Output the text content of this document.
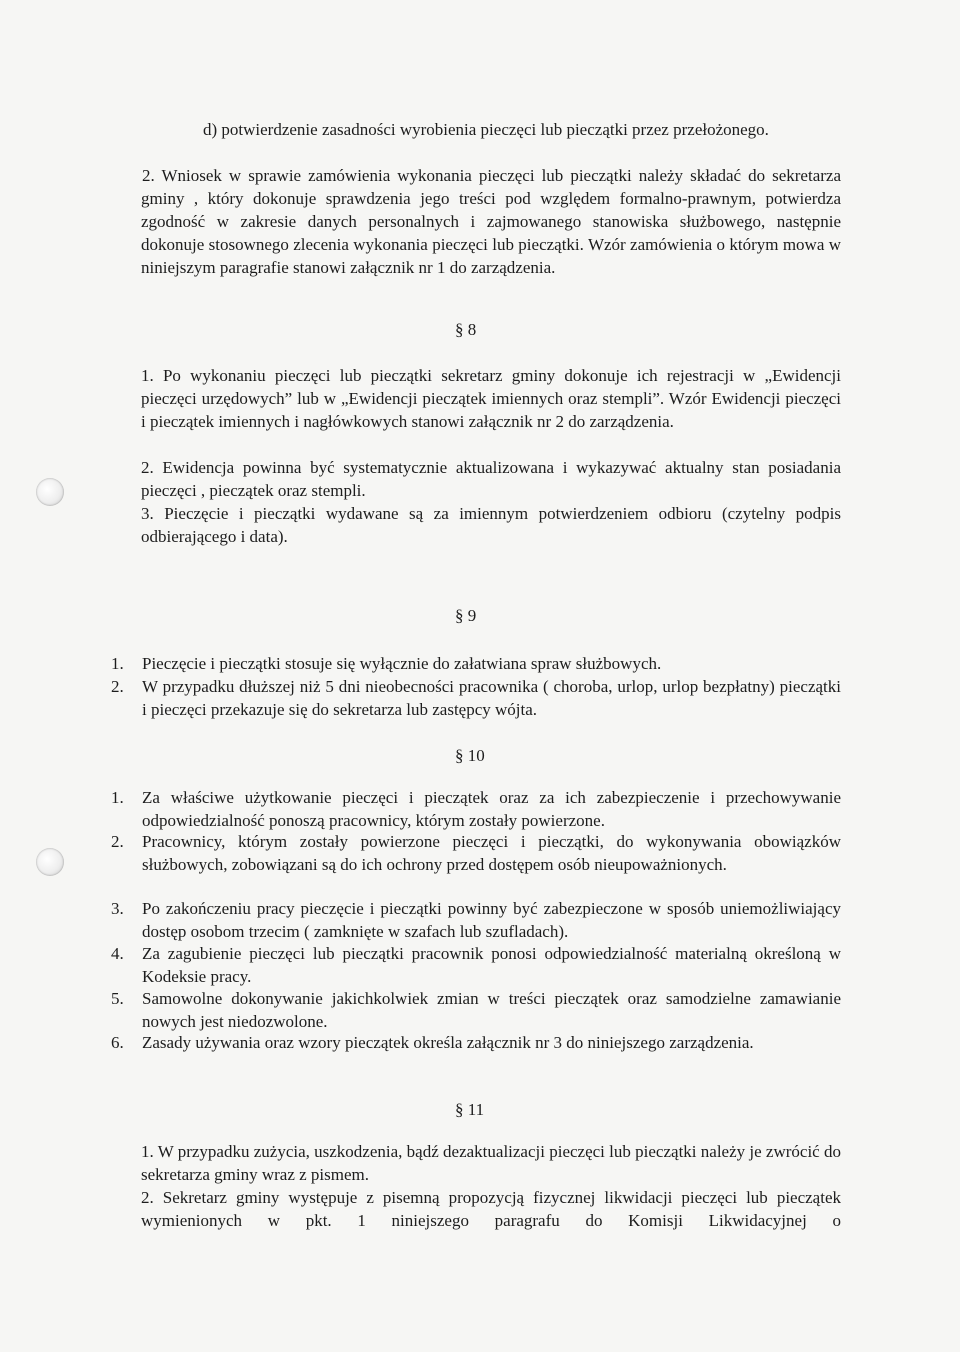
d) potwierdzenie zasadności wyrobienia pieczęci lub pieczątki przez przełożonego.

2. Wniosek w sprawie zamówienia wykonania pieczęci lub pieczątki należy składać do sekretarza gminy , który dokonuje sprawdzenia jego treści pod względem formalno-prawnym, potwierdza zgodność w zakresie danych personalnych i zajmowanego stanowiska służbowego, następnie dokonuje stosownego zlecenia wykonania pieczęci lub pieczątki. Wzór zamówienia o którym mowa w niniejszym paragrafie stanowi załącznik nr 1 do zarządzenia.

§ 8

1. Po wykonaniu pieczęci lub pieczątki sekretarz gminy dokonuje ich rejestracji w „Ewidencji pieczęci urzędowych” lub w „Ewidencji pieczątek imiennych oraz stempli”. Wzór Ewidencji pieczęci i pieczątek imiennych i nagłówkowych stanowi załącznik nr 2 do zarządzenia.

2. Ewidencja powinna być systematycznie aktualizowana i wykazywać aktualny stan posiadania pieczęci , pieczątek oraz stempli.

3. Pieczęcie i pieczątki wydawane są za imiennym potwierdzeniem odbioru (czytelny podpis odbierającego i data).

§ 9
1. Pieczęcie i pieczątki stosuje się wyłącznie do załatwiana spraw służbowych.
2. W przypadku dłuższej niż 5 dni nieobecności pracownika ( choroba, urlop, urlop bezpłatny) pieczątki i pieczęci przekazuje się do sekretarza lub zastępcy wójta.
§ 10
1. Za właściwe użytkowanie pieczęci i pieczątek oraz za ich zabezpieczenie i przechowywanie odpowiedzialność ponoszą pracownicy, którym zostały powierzone.
2. Pracownicy, którym zostały powierzone pieczęci i pieczątki, do wykonywania obowiązków służbowych, zobowiązani są do ich ochrony przed dostępem osób nieupoważnionych.
3. Po zakończeniu pracy pieczęcie i pieczątki powinny być zabezpieczone w sposób uniemożliwiający dostęp osobom trzecim ( zamknięte w szafach lub szufladach).
4. Za zagubienie pieczęci lub pieczątki pracownik ponosi odpowiedzialność materialną określoną w Kodeksie pracy.
5. Samowolne dokonywanie jakichkolwiek zmian w treści pieczątek oraz samodzielne zamawianie nowych jest niedozwolone.
6. Zasady używania oraz wzory pieczątek określa załącznik nr 3 do niniejszego zarządzenia.
§ 11

1. W przypadku zużycia, uszkodzenia, bądź dezaktualizacji pieczęci lub pieczątki należy je zwrócić do sekretarza gminy wraz z pismem.

2. Sekretarz gminy występuje z pisemną propozycją fizycznej likwidacji pieczęci lub pieczątek wymienionych w pkt. 1 niniejszego paragrafu do Komisji Likwidacyjnej o
